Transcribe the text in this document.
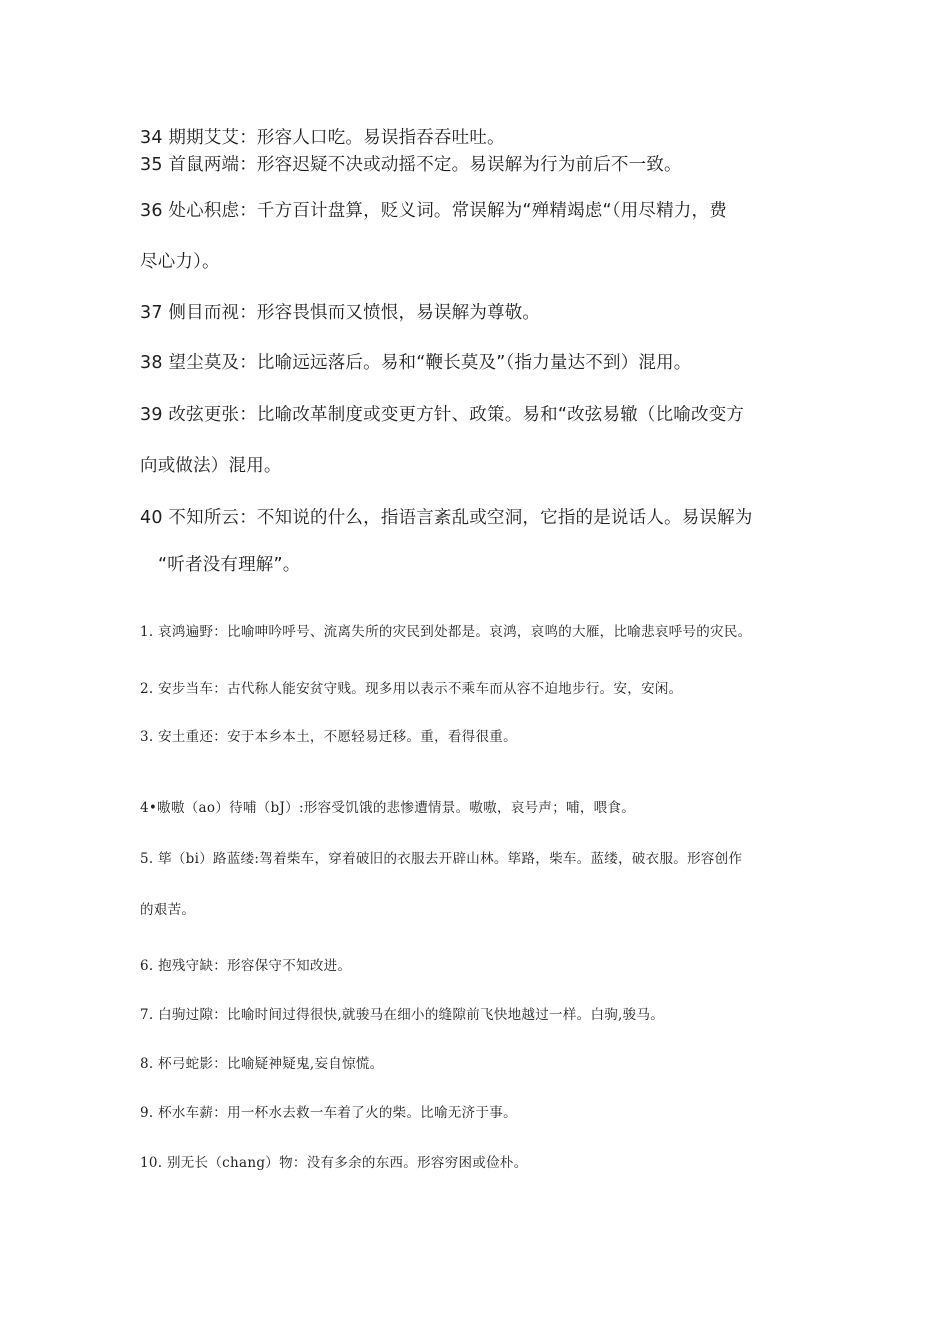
34 期期艾艾：形容人口吃。易误指吞吞吐吐。
35 首鼠两端：形容迟疑不决或动摇不定。易误解为行为前后不一致。
36 处心积虑：千方百计盘算，贬义词。常误解为“殚精竭虑“（用尽精力，费
尽心力）。
37 侧目而视：形容畏惧而又愤恨，易误解为尊敬。
38 望尘莫及：比喻远远落后。易和“鞭长莫及”（指力量达不到）混用。
39 改弦更张：比喻改革制度或变更方针、政策。易和“改弦易辙（比喻改变方
向或做法）混用。
40 不知所云：不知说的什么，指语言紊乱或空洞，它指的是说话人。易误解为
“听者没有理解”。
1. 哀鸿遍野：比喻呻吟呼号、流离失所的灾民到处都是。哀鸿，哀鸣的大雁，比喻悲哀呼号的灾民。
2. 安步当车：古代称人能安贫守贱。现多用以表示不乘车而从容不迫地步行。安，安闲。
3. 安土重还：安于本乡本土，不愿轻易迁移。重，看得很重。
4•嗷嗷（ao）待哺（bJ）:形容受饥饿的悲惨遭情景。嗷嗷，哀号声；哺，喂食。
5. 筚（bi）路蓝缕:驾着柴车，穿着破旧的衣服去开辟山林。筚路，柴车。蓝缕，破衣服。形容创作
的艰苦。
6. 抱残守缺：形容保守不知改进。
7. 白驹过隙：比喻时间过得很快,就骏马在细小的缝隙前飞快地越过一样。白驹,骏马。
8. 杯弓蛇影：比喻疑神疑鬼,妄自惊慌。
9. 杯水车薪：用一杯水去救一车着了火的柴。比喻无济于事。
10. 别无长（chang）物：没有多余的东西。形容穷困或俭朴。
